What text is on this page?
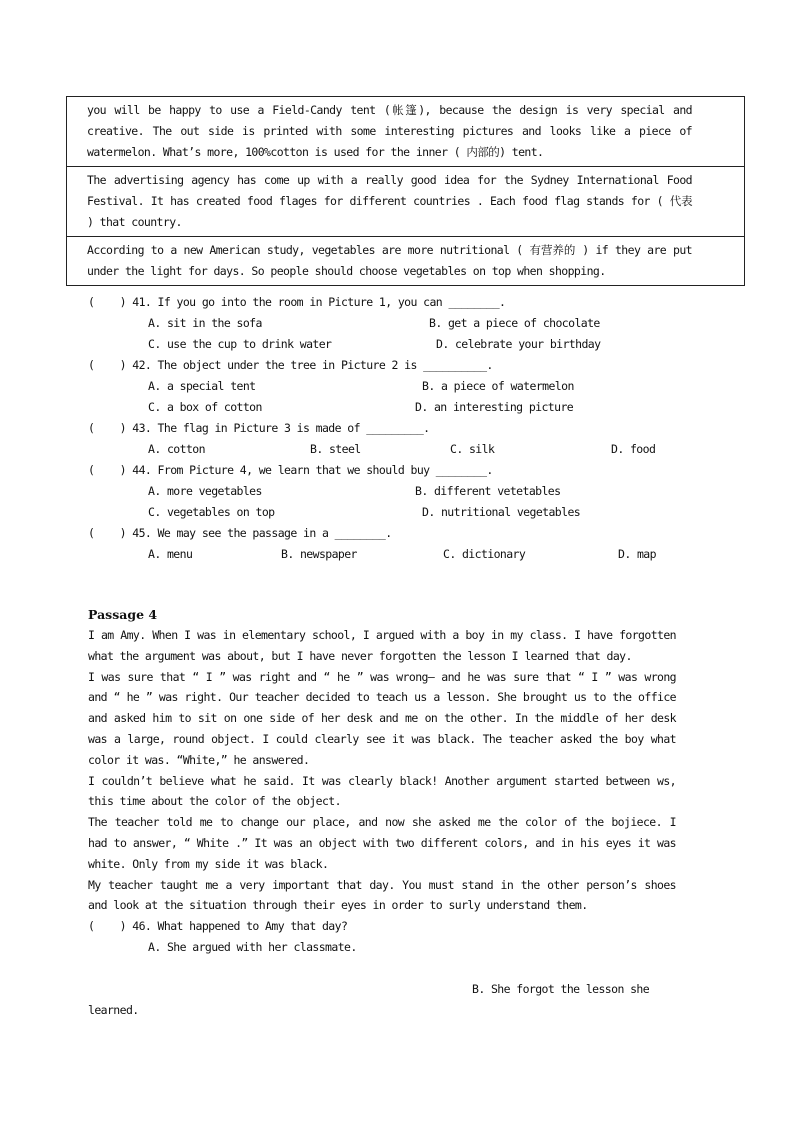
you will be happy to use a Field-Candy tent (帐篷), because the design is very special and creative. The out side is printed with some interesting pictures and looks like a piece of watermelon. What’s more, 100%cotton is used for the inner ( 内部的) tent.
The advertising agency has come up with a really good idea for the Sydney International Food Festival. It has created food flages for different countries . Each food flag stands for ( 代表 ) that country.
According to a new American study, vegetables are more nutritional ( 有营养的 ) if they are put under the light for days. So people should choose vegetables on top when shopping.
(    ) 41. If you go into the room in Picture 1, you can ________.

A. sit in the sofa

	B. get a piece of chocolate

C. use the cup to drink water

	D. celebrate your birthday

(    ) 42. The object under the tree in Picture 2 is __________.

A. a special tent

	B. a piece of watermelon

C. a box of cotton

	D. an interesting picture

(    ) 43. The flag in Picture 3 is made of _________.

A. cotton

	B. steel

	C. silk

	D. food

(    ) 44. From Picture 4, we learn that we should buy ________.

A. more vegetables

	B. different vetetables

C. vegetables on top

	D. nutritional vegetables

(    ) 45. We may see the passage in a ________.

A. menu

	B. newspaper

	C. dictionary

	D. map

Passage 4
I am Amy. When I was in elementary school, I argued with a boy in my class. I have forgotten what the argument was about, but I have never forgotten the lesson I learned that day.
I was sure that “ I ” was right and “ he ” was wrong— and he was sure that “ I ” was wrong and “ he ” was right. Our teacher decided to teach us a lesson. She brought us to the office and asked him to sit on one side of her desk and me on the other. In the middle of her desk was a large, round object. I could clearly see it was black. The teacher asked the boy what color it was. “White,” he answered.
I couldn’t believe what he said. It was clearly black! Another argument started between ws, this time about the color of the object.
The teacher told me to change our place, and now she asked me the color of the bojiece. I had to answer, “ White .” It was an object with two different colors, and in his eyes it was white. Only from my side it was black.
My teacher taught me a very important that day. You must stand in the other person’s shoes and look at the situation through their eyes in order to surly understand them.
(    ) 46. What happened to Amy that day?

A. She argued with her classmate.

B. She forgot the lesson she learned.
